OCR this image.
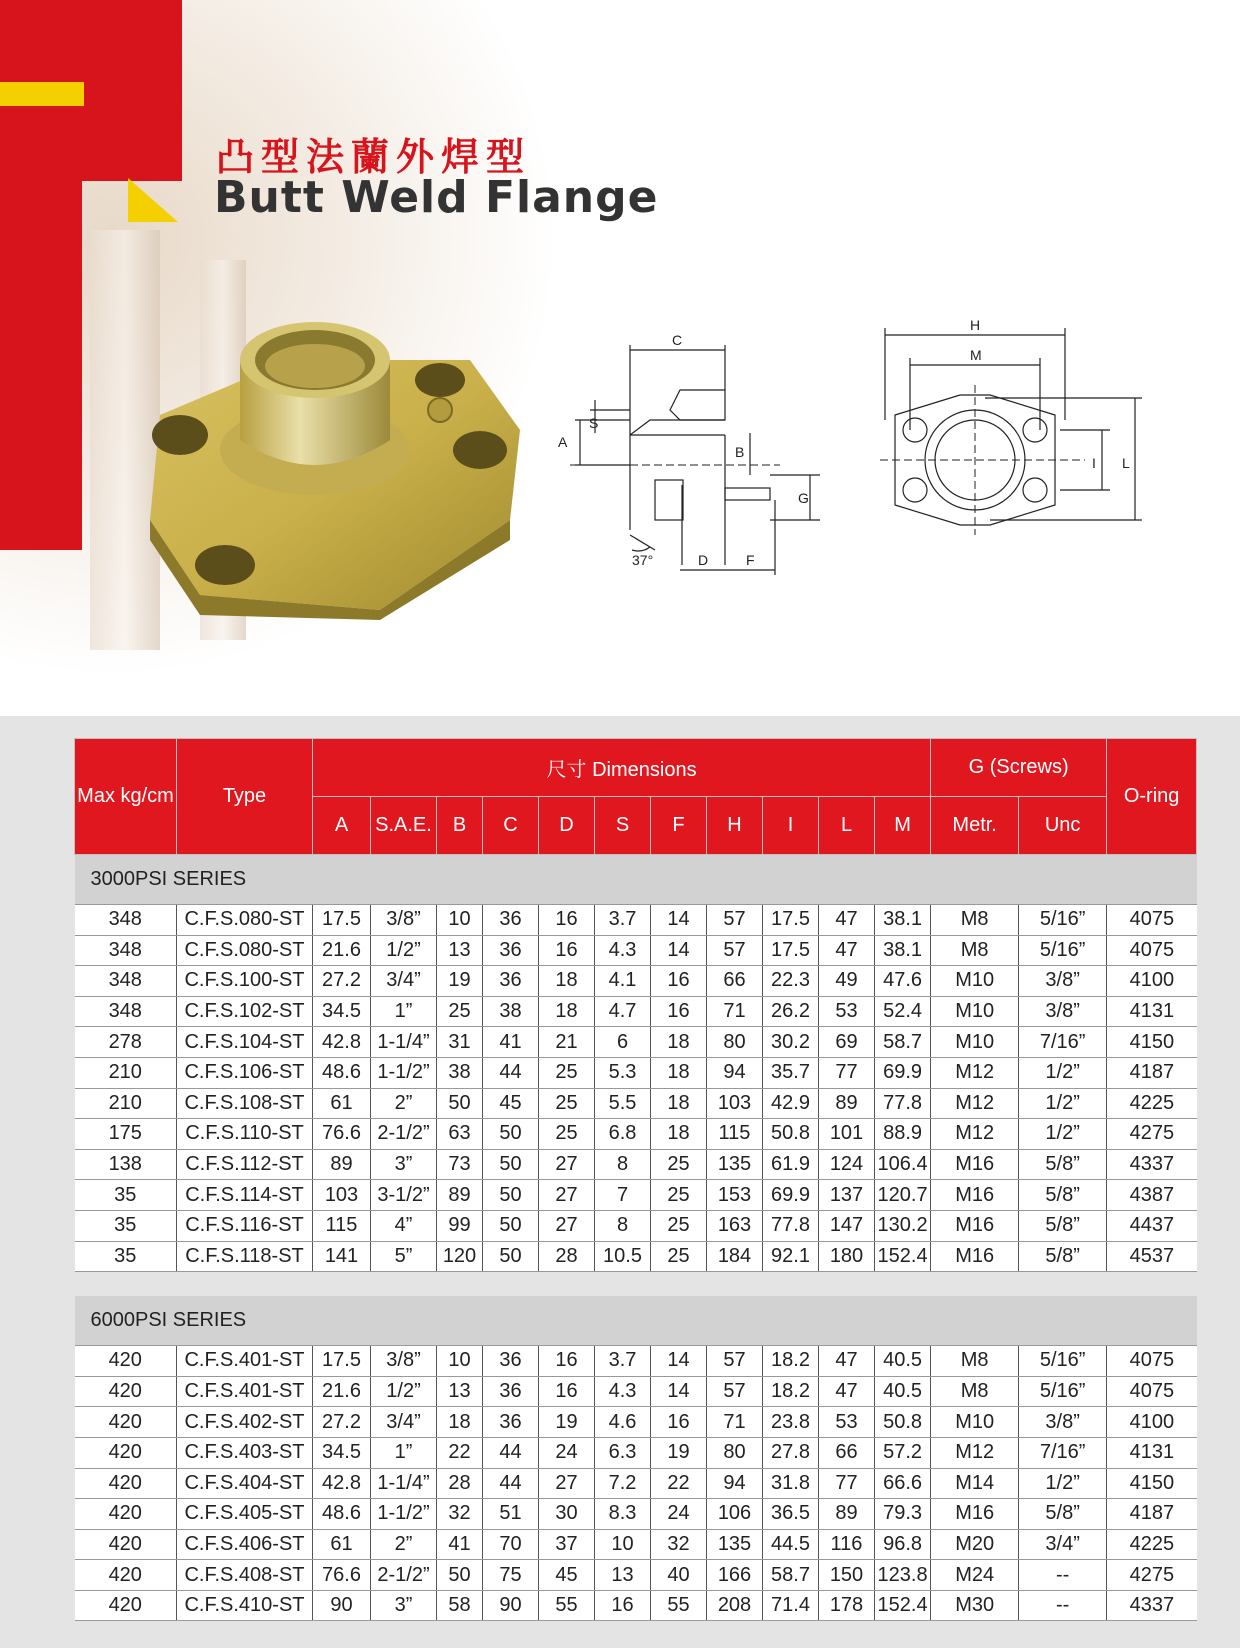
凸型法蘭外焊型
Butt Weld Flange
C
A
S
B
G
D	F
37°
H
M
I L
Max kg/cm	Type	尺寸 Dimensions											G (Screws)		O-ring
		A	S.A.E.	B	C	D	S	F	H	I	L	M	Metr.	Unc	
3000PSI SERIES															
348	C.F.S.080-ST	17.5	3/8”	10	36	16	3.7	14	57	17.5	47	38.1	M8	5/16”	4075
348	C.F.S.080-ST	21.6	1/2”	13	36	16	4.3	14	57	17.5	47	38.1	M8	5/16”	4075
348	C.F.S.100-ST	27.2	3/4”	19	36	18	4.1	16	66	22.3	49	47.6	M10	3/8”	4100
348	C.F.S.102-ST	34.5	1”	25	38	18	4.7	16	71	26.2	53	52.4	M10	3/8”	4131
278	C.F.S.104-ST	42.8	1-1/4”	31	41	21	6	18	80	30.2	69	58.7	M10	7/16”	4150
210	C.F.S.106-ST	48.6	1-1/2”	38	44	25	5.3	18	94	35.7	77	69.9	M12	1/2”	4187
210	C.F.S.108-ST	61	2”	50	45	25	5.5	18	103	42.9	89	77.8	M12	1/2”	4225
175	C.F.S.110-ST	76.6	2-1/2”	63	50	25	6.8	18	115	50.8	101	88.9	M12	1/2”	4275
138	C.F.S.112-ST	89	3”	73	50	27	8	25	135	61.9	124	106.4	M16	5/8”	4337
35	C.F.S.114-ST	103	3-1/2”	89	50	27	7	25	153	69.9	137	120.7	M16	5/8”	4387
35	C.F.S.116-ST	115	4”	99	50	27	8	25	163	77.8	147	130.2	M16	5/8”	4437
35	C.F.S.118-ST	141	5”	120	50	28	10.5	25	184	92.1	180	152.4	M16	5/8”	4537

6000PSI SERIES															
420	C.F.S.401-ST	17.5	3/8”	10	36	16	3.7	14	57	18.2	47	40.5	M8	5/16”	4075
420	C.F.S.401-ST	21.6	1/2”	13	36	16	4.3	14	57	18.2	47	40.5	M8	5/16”	4075
420	C.F.S.402-ST	27.2	3/4”	18	36	19	4.6	16	71	23.8	53	50.8	M10	3/8”	4100
420	C.F.S.403-ST	34.5	1”	22	44	24	6.3	19	80	27.8	66	57.2	M12	7/16”	4131
420	C.F.S.404-ST	42.8	1-1/4”	28	44	27	7.2	22	94	31.8	77	66.6	M14	1/2”	4150
420	C.F.S.405-ST	48.6	1-1/2”	32	51	30	8.3	24	106	36.5	89	79.3	M16	5/8”	4187
420	C.F.S.406-ST	61	2”	41	70	37	10	32	135	44.5	116	96.8	M20	3/4”	4225
420	C.F.S.408-ST	76.6	2-1/2”	50	75	45	13	40	166	58.7	150	123.8	M24	--	4275
420	C.F.S.410-ST	90	3”	58	90	55	16	55	208	71.4	178	152.4	M30	--	4337
